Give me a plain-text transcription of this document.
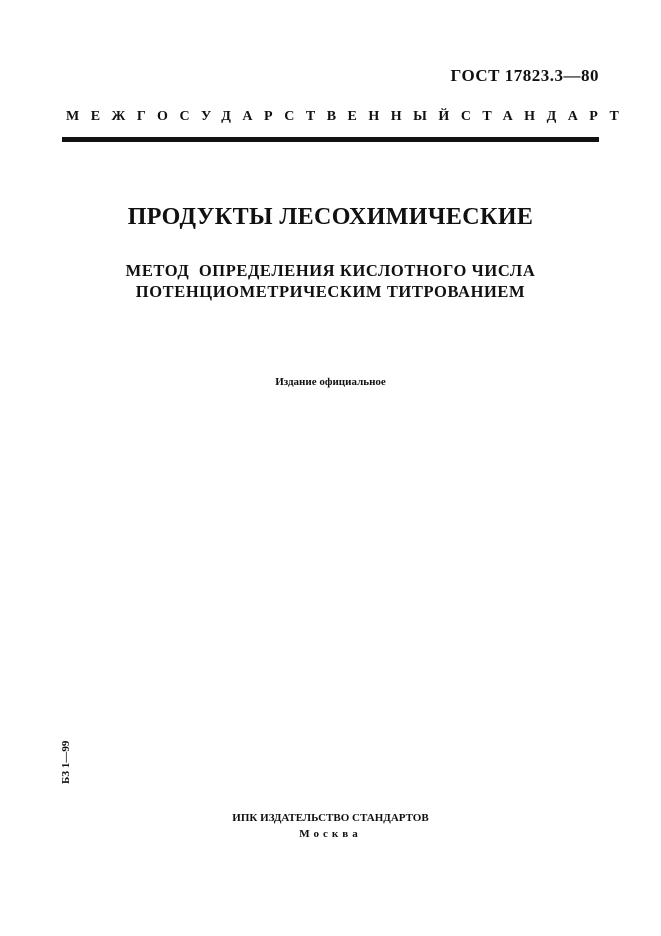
ГОСТ 17823.3—80
МЕЖГОСУДАРСТВЕННЫЙ СТАНДАРТ
ПРОДУКТЫ ЛЕСОХИМИЧЕСКИЕ
МЕТОД  ОПРЕДЕЛЕНИЯ КИСЛОТНОГО ЧИСЛА
ПОТЕНЦИОМЕТРИЧЕСКИМ ТИТРОВАНИЕМ
Издание официальное
БЗ 1—99
ИПК ИЗДАТЕЛЬСТВО СТАНДАРТОВ
Москва
